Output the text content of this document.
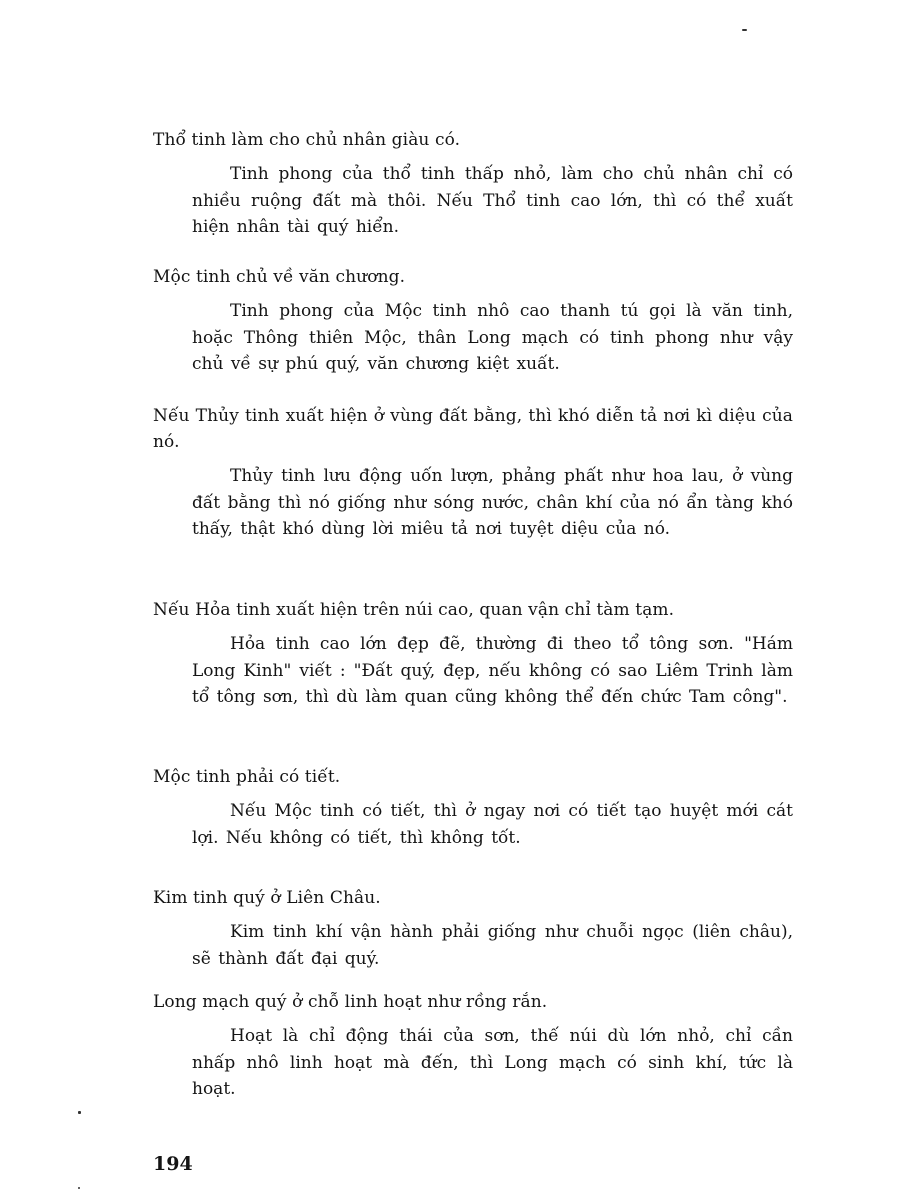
Thổ tinh làm cho chủ nhân giàu có.

Tinh phong của thổ tinh thấp nhỏ, làm cho chủ nhân chỉ có nhiều ruộng đất mà thôi. Nếu Thổ tinh cao lớn, thì có thể xuất hiện nhân tài quý hiển.

Mộc tinh chủ về văn chương.

Tinh phong của Mộc tinh nhô cao thanh tú gọi là văn tinh, hoặc Thông thiên Mộc, thân Long mạch có tinh phong như vậy chủ về sự phú quý, văn chương kiệt xuất.

Nếu Thủy tinh xuất hiện ở vùng đất bằng, thì khó diễn tả nơi kì diệu của nó.

Thủy tinh lưu động uốn lượn, phảng phất như hoa lau, ở vùng đất bằng thì nó giống như sóng nước, chân khí của nó ẩn tàng khó thấy, thật khó dùng lời miêu tả nơi tuyệt diệu của nó.

Nếu Hỏa tinh xuất hiện trên núi cao, quan vận chỉ tàm tạm.

Hỏa tinh cao lớn đẹp đẽ, thường đi theo tổ tông sơn. "Hám Long Kinh" viết : "Đất quý, đẹp, nếu không có sao Liêm Trinh làm tổ tông sơn, thì dù làm quan cũng không thể đến chức Tam công".

Mộc tinh phải có tiết.

Nếu Mộc tinh có tiết, thì ở ngay nơi có tiết tạo huyệt mới cát lợi. Nếu không có tiết, thì không tốt.

Kim tinh quý ở Liên Châu.

Kim tinh khí vận hành phải giống như chuỗi ngọc (liên châu), sẽ thành đất đại quý.

Long mạch quý ở chỗ linh hoạt như rồng rắn.

Hoạt là chỉ động thái của sơn, thế núi dù lớn nhỏ, chỉ cần nhấp nhô linh hoạt mà đến, thì Long mạch có sinh khí, tức là hoạt.

194
